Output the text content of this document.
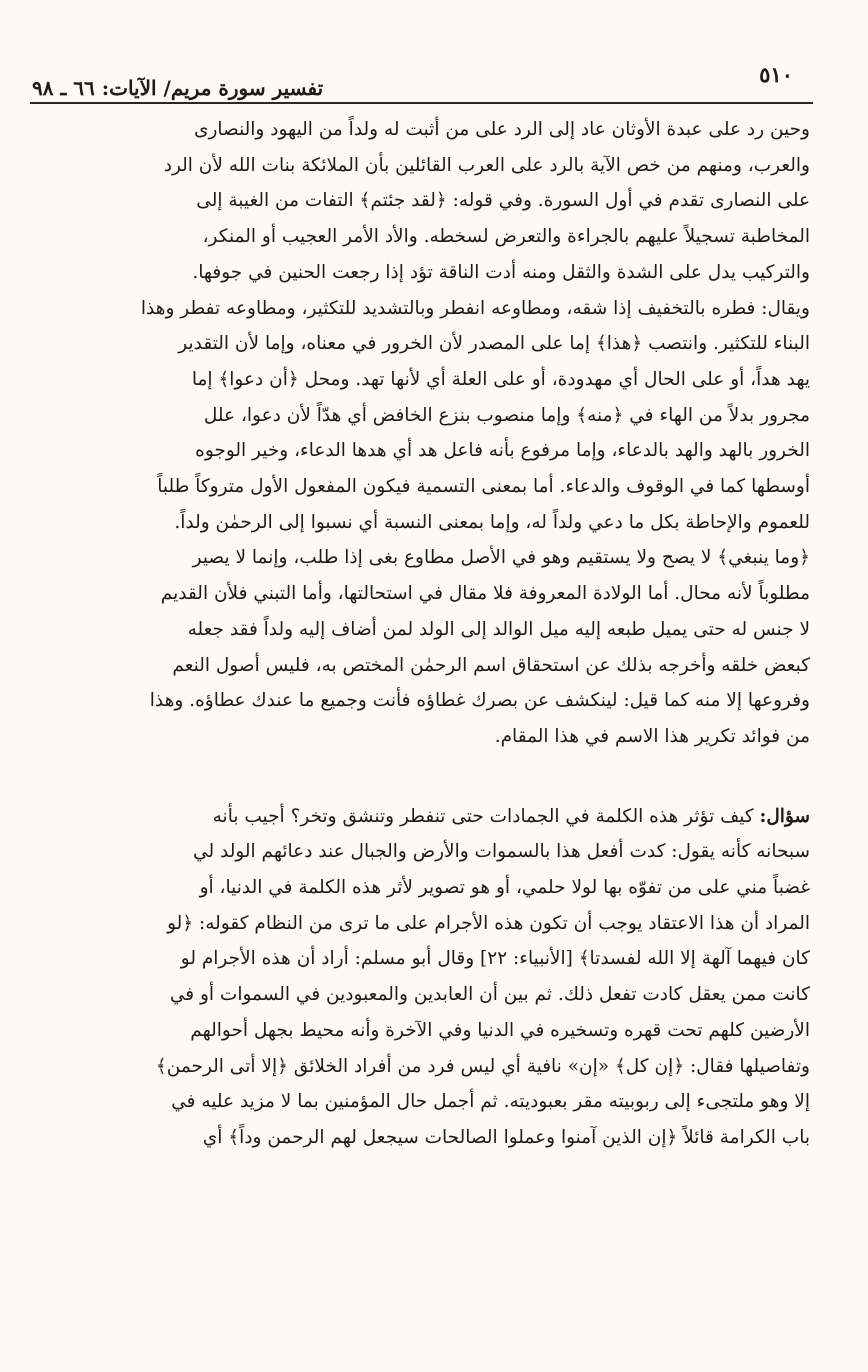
٥١٠
تفسير سورة مريم/ الآيات: ٦٦ ـ ٩٨

وحين رد على عبدة الأوثان عاد إلى الرد على من أثبت له ولداً من اليهود والنصارى
والعرب، ومنهم من خص الآية بالرد على العرب القائلين بأن الملائكة بنات الله لأن الرد
على النصارى تقدم في أول السورة. وفي قوله: ﴿لقد جئتم﴾ التفات من الغيبة إلى
المخاطبة تسجيلاً عليهم بالجراءة والتعرض لسخطه. والأد الأمر العجيب أو المنكر،
والتركيب يدل على الشدة والثقل ومنه أدت الناقة تؤد إذا رجعت الحنين في جوفها.

ويقال: فطره بالتخفيف إذا شقه، ومطاوعه انفطر وبالتشديد للتكثير، ومطاوعه تفطر وهذا
البناء للتكثير. وانتصب ﴿هذا﴾ إما على المصدر لأن الخرور في معناه، وإما لأن التقدير
يهد هداً، أو على الحال أي مهدودة، أو على العلة أي لأنها تهد. ومحل ﴿أن دعوا﴾ إما
مجرور بدلاً من الهاء في ﴿منه﴾ وإما منصوب بنزع الخافض أي هدّاً لأن دعوا، علل
الخرور بالهد والهد بالدعاء، وإما مرفوع بأنه فاعل هد أي هدها الدعاء، وخير الوجوه
أوسطها كما في الوقوف والدعاء. أما بمعنى التسمية فيكون المفعول الأول متروكاً طلباً
للعموم والإحاطة بكل ما دعي ولداً له، وإما بمعنى النسبة أي نسبوا إلى الرحمٰن ولداً.

﴿وما ينبغي﴾ لا يصح ولا يستقيم وهو في الأصل مطاوع بغى إذا طلب، وإنما لا يصير
مطلوباً لأنه محال. أما الولادة المعروفة فلا مقال في استحالتها، وأما التبني فلأن القديم
لا جنس له حتى يميل طبعه إليه ميل الوالد إلى الولد لمن أضاف إليه ولداً فقد جعله
كبعض خلقه وأخرجه بذلك عن استحقاق اسم الرحمٰن المختص به، فليس أصول النعم
وفروعها إلا منه كما قيل: لينكشف عن بصرك غطاؤه فأنت وجميع ما عندك عطاؤه. وهذا
من فوائد تكرير هذا الاسم في هذا المقام.

سؤال: كيف تؤثر هذه الكلمة في الجمادات حتى تنفطر وتنشق وتخر؟ أجيب بأنه
سبحانه كأنه يقول: كدت أفعل هذا بالسموات والأرض والجبال عند دعائهم الولد لي
غضباً مني على من تفوّه بها لولا حلمي، أو هو تصوير لأثر هذه الكلمة في الدنيا، أو
المراد أن هذا الاعتقاد يوجب أن تكون هذه الأجرام على ما ترى من النظام كقوله: ﴿لو
كان فيهما آلهة إلا الله لفسدتا﴾ [الأنبياء: ٢٢] وقال أبو مسلم: أراد أن هذه الأجرام لو
كانت ممن يعقل كادت تفعل ذلك. ثم بين أن العابدين والمعبودين في السموات أو في
الأرضين كلهم تحت قهره وتسخيره في الدنيا وفي الآخرة وأنه محيط بجهل أحوالهم
وتفاصيلها فقال: ﴿إن كل﴾ «إن» نافية أي ليس فرد من أفراد الخلائق ﴿إلا أتى الرحمن﴾
إلا وهو ملتجىء إلى ربوبيته مقر بعبوديته. ثم أجمل حال المؤمنين بما لا مزيد عليه في
باب الكرامة قائلاً ﴿إن الذين آمنوا وعملوا الصالحات سيجعل لهم الرحمن وداً﴾ أي
